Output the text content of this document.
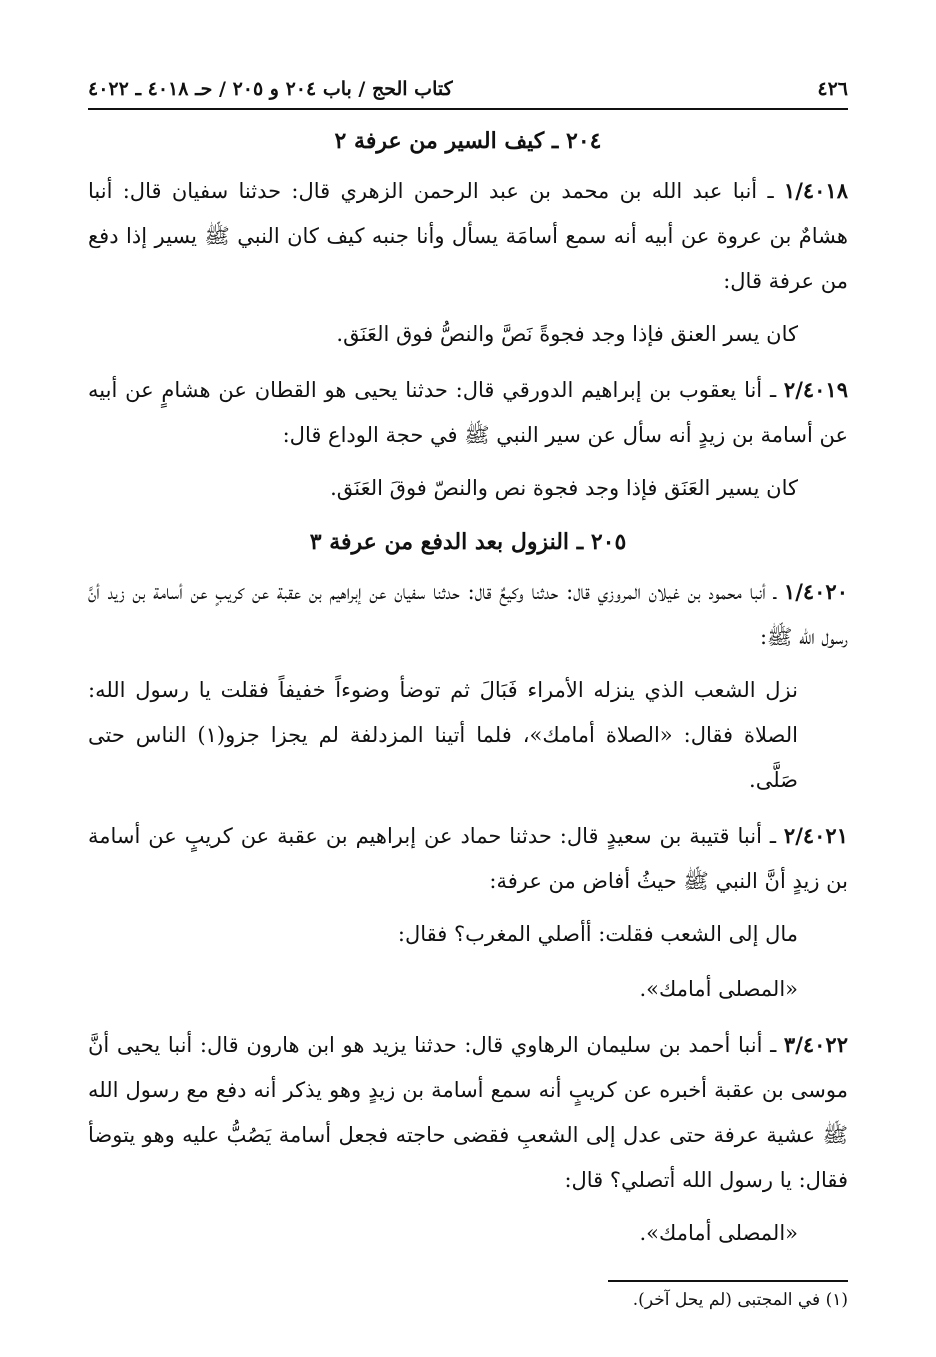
٤٢٦
كتاب الحج / باب ٢٠٤ و ٢٠٥ / حـ ٤٠١٨ ـ ٤٠٢٢
٢٠٤ ـ كيف السير من عرفة ٢

١/٤٠١٨ ـ أنبا عبد الله بن محمد بن عبد الرحمن الزهري قال: حدثنا سفيان قال: أنبا هشامٌ بن عروة عن أبيه أنه سمع أسامَة يسأل وأنا جنبه كيف كان النبي ﷺ يسير إذا دفع من عرفة قال:

كان يسر العنق فإذا وجد فجوةً نَصَّ والنصُّ فوق العَنَق.

٢/٤٠١٩ ـ أنا يعقوب بن إبراهيم الدورقي قال: حدثنا يحيى هو القطان عن هشامٍ عن أبيه عن أسامة بن زيدٍ أنه سأل عن سير النبي ﷺ في حجة الوداع قال:

كان يسير العَنَق فإذا وجد فجوة نص والنصّ فوقَ العَنَق.

٢٠٥ ـ النزول بعد الدفع من عرفة ٣

١/٤٠٢٠ ـ أنبا محمود بن غيلان المروزي قال: حدثنا وكيعٌ قال: حدثنا سفيان عن إبراهيم بن عقبة عن كريبٍ عن أسامة بن زيد أنَّ رسول الله ﷺ:

نزل الشعب الذي ينزله الأمراء فَبَالَ ثم توضأ وضوءاً خفيفاً فقلت يا رسول الله: الصلاة فقال: «الصلاة أمامك»، فلما أتينا المزدلفة لم يجزا جزو(١) الناس حتى صَلَّى.

٢/٤٠٢١ ـ أنبا قتيبة بن سعيدٍ قال: حدثنا حماد عن إبراهيم بن عقبة عن كريبٍ عن أسامة بن زيدٍ أنَّ النبي ﷺ حيثُ أفاض من عرفة:

مال إلى الشعب فقلت: أأصلي المغرب؟ فقال:

«المصلى أمامك».

٣/٤٠٢٢ ـ أنبا أحمد بن سليمان الرهاوي قال: حدثنا يزيد هو ابن هارون قال: أنبا يحيى أنَّ موسى بن عقبة أخبره عن كريبٍ أنه سمع أسامة بن زيدٍ وهو يذكر أنه دفع مع رسول الله ﷺ عشية عرفة حتى عدل إلى الشعبِ فقضى حاجته فجعل أسامة يَصُبُّ عليه وهو يتوضأ فقال: يا رسول الله أتصلي؟ قال:

«المصلى أمامك».

(١) في المجتبى (لم يحل آخر).
